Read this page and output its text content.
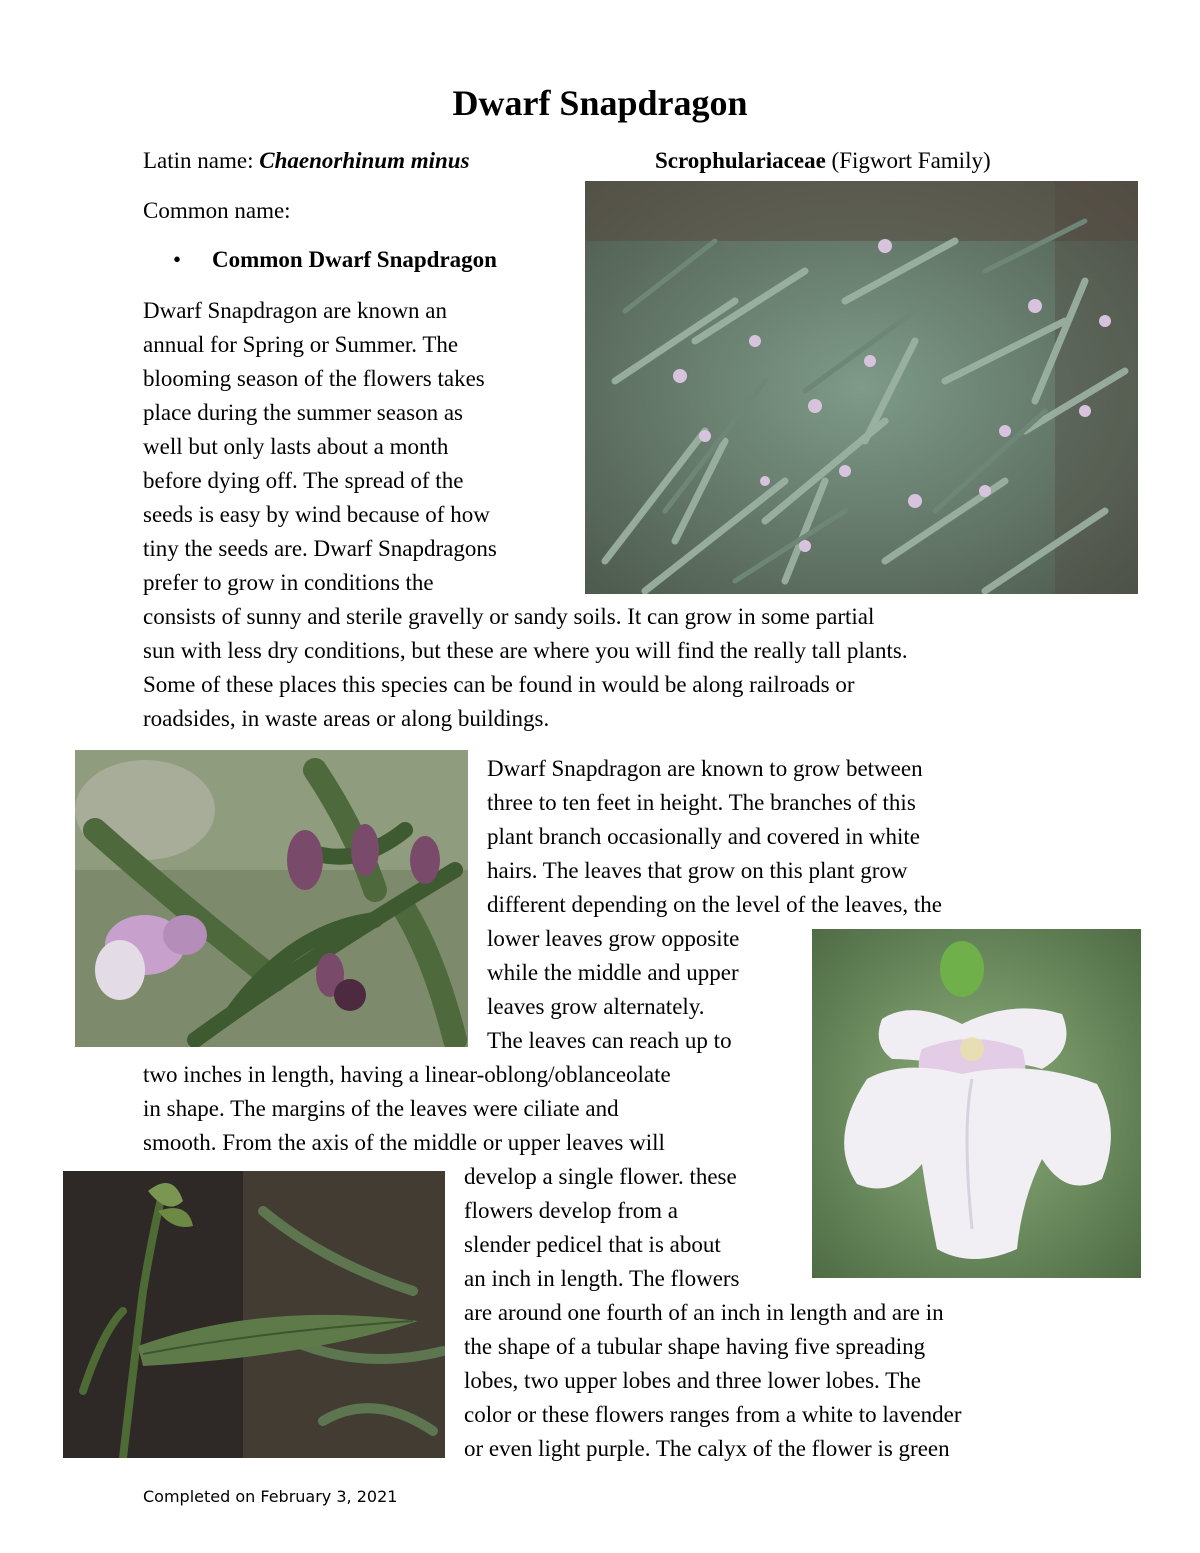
Dwarf Snapdragon
Latin name: Chaenorhinum minus	Scrophulariaceae (Figwort Family)
Common name:
• Common Dwarf Snapdragon
Dwarf Snapdragon are known an
annual for Spring or Summer. The
blooming season of the flowers takes
place during the summer season as
well but only lasts about a month
before dying off. The spread of the
seeds is easy by wind because of how
tiny the seeds are. Dwarf Snapdragons
prefer to grow in conditions the
consists of sunny and sterile gravelly or sandy soils. It can grow in some partial
sun with less dry conditions, but these are where you will find the really tall plants.
Some of these places this species can be found in would be along railroads or
roadsides, in waste areas or along buildings.
Dwarf Snapdragon are known to grow between
three to ten feet in height. The branches of this
plant branch occasionally and covered in white
hairs. The leaves that grow on this plant grow
different depending on the level of the leaves, the
lower leaves grow opposite
while the middle and upper
leaves grow alternately.
The leaves can reach up to
two inches in length, having a linear-oblong/oblanceolate
in shape. The margins of the leaves were ciliate and
smooth. From the axis of the middle or upper leaves will
develop a single flower. these
flowers develop from a
slender pedicel that is about
an inch in length. The flowers
are around one fourth of an inch in length and are in
the shape of a tubular shape having five spreading
lobes, two upper lobes and three lower lobes. The
color or these flowers ranges from a white to lavender
or even light purple. The calyx of the flower is green
Completed on February 3, 2021
